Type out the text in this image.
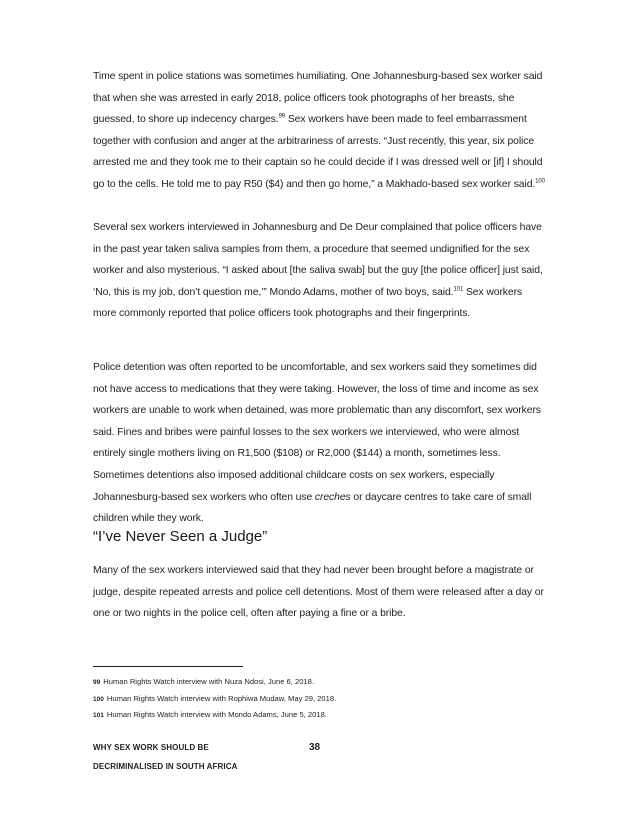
Time spent in police stations was sometimes humiliating. One Johannesburg-based sex worker said that when she was arrested in early 2018, police officers took photographs of her breasts, she guessed, to shore up indecency charges.$^{99}$ Sex workers have been made to feel embarrassment together with confusion and anger at the arbitrariness of arrests. “Just recently, this year, six police arrested me and they took me to their captain so he could decide if I was dressed well or [if] I should go to the cells. He told me to pay R50 ($4) and then go home,” a Makhado-based sex worker said.$^{100}$
Several sex workers interviewed in Johannesburg and De Deur complained that police officers have in the past year taken saliva samples from them, a procedure that seemed undignified for the sex worker and also mysterious. “I asked about [the saliva swab] but the guy [the police officer] just said, ‘No, this is my job, don’t question me,’” Mondo Adams, mother of two boys, said.$^{101}$ Sex workers more commonly reported that police officers took photographs and their fingerprints.
Police detention was often reported to be uncomfortable, and sex workers said they sometimes did not have access to medications that they were taking. However, the loss of time and income as sex workers are unable to work when detained, was more problematic than any discomfort, sex workers said. Fines and bribes were painful losses to the sex workers we interviewed, who were almost entirely single mothers living on R1,500 ($108) or R2,000 ($144) a month, sometimes less. Sometimes detentions also imposed additional childcare costs on sex workers, especially Johannesburg-based sex workers who often use creches or daycare centres to take care of small children while they work.
“I’ve Never Seen a Judge”
Many of the sex workers interviewed said that they had never been brought before a magistrate or judge, despite repeated arrests and police cell detentions. Most of them were released after a day or one or two nights in the police cell, often after paying a fine or a bribe.
99 Human Rights Watch interview with Nuza Ndosi, June 6, 2018.
100 Human Rights Watch interview with Rophiwa Mudaw, May 29, 2018.
101 Human Rights Watch interview with Mondo Adams, June 5, 2018.
WHY SEX WORK SHOULD BE
DECRIMINALISED IN SOUTH AFRICA
38
